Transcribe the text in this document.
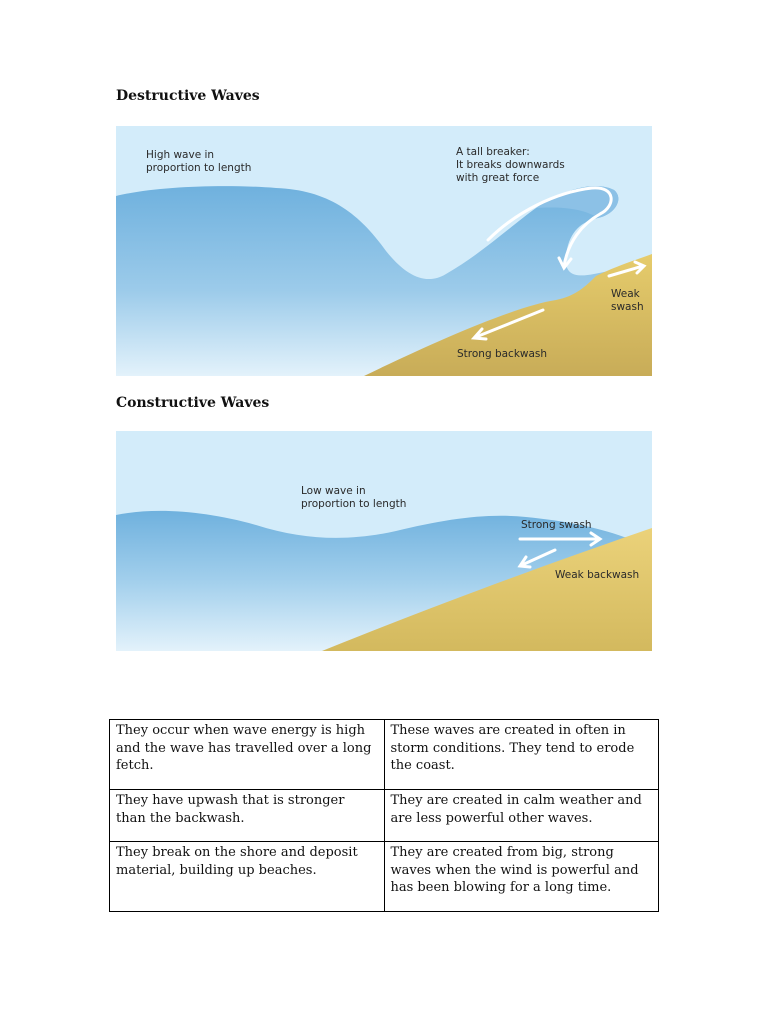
Destructive Waves

High wave in
proportion to length

A tall breaker:
It breaks downwards
with great force

Weak
swash

Strong backwash

Constructive Waves

Low wave in
proportion to length

Strong swash

Weak backwash

They occur when wave energy is high and the wave has travelled over a long fetch.	These waves are created in often in storm conditions. They tend to erode the coast.
They have upwash that is stronger than the backwash.	They are created in calm weather and are less powerful other waves.
They break on the shore and deposit material, building up beaches.	They are created from big, strong waves when the wind is powerful and has been blowing for a long time.
